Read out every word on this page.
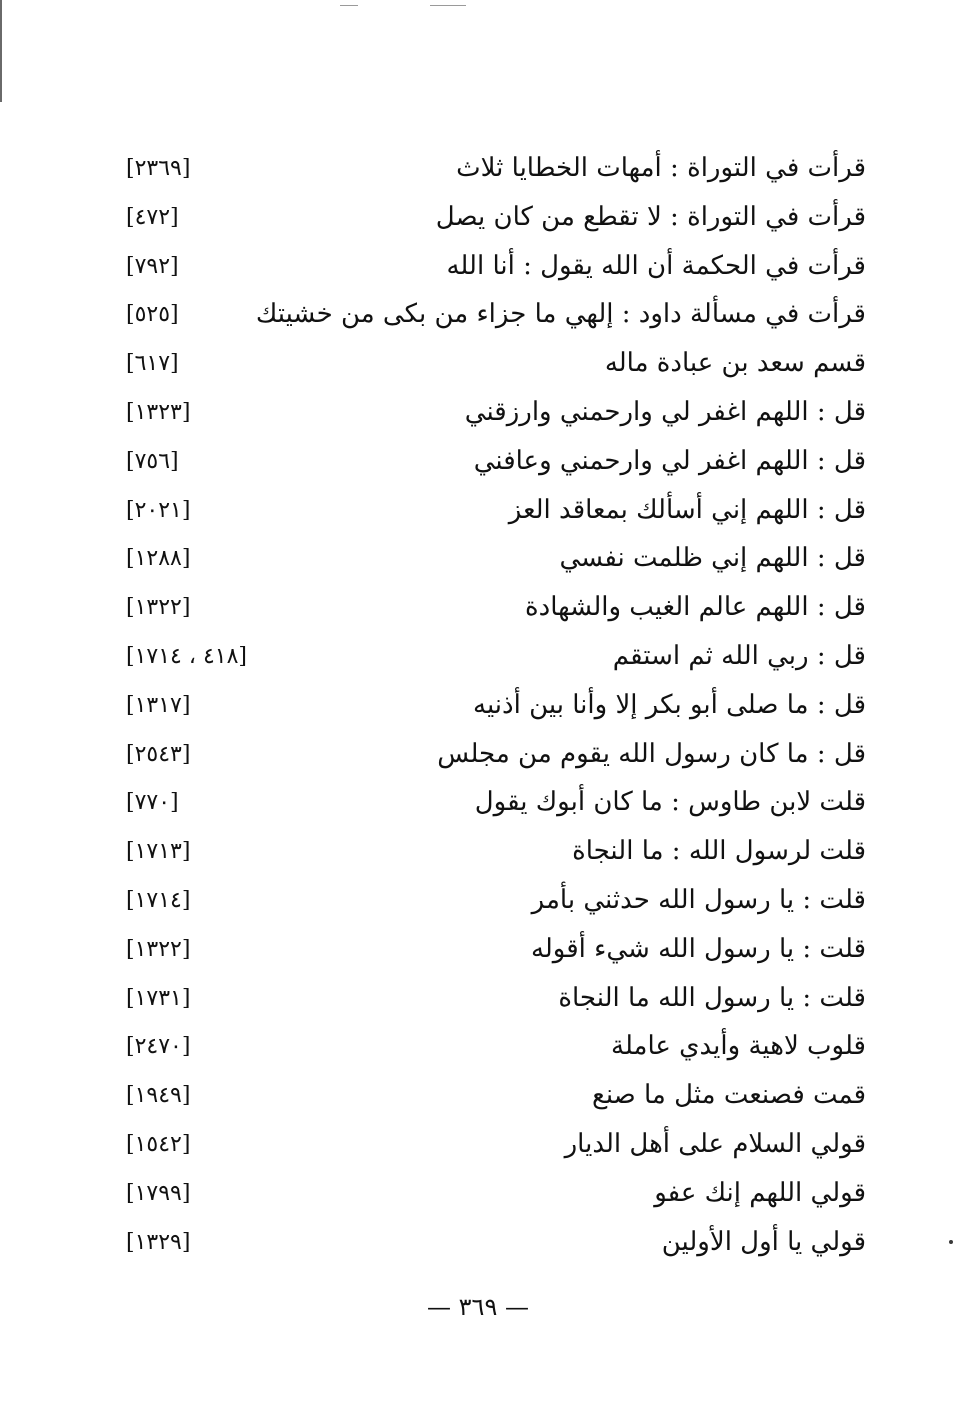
قرأت في التوراة : أمهات الخطايا ثلاث
[٢٣٦٩]
قرأت في التوراة : لا تقطع من كان يصل
[٤٧٢]
قرأت في الحكمة أن الله يقول : أنا الله
[٧٩٢]
قرأت في مسألة داود : إلهي ما جزاء من بكى من خشيتك
[٥٢٥]
قسم سعد بن عبادة ماله
[٦١٧]
قل : اللهم اغفر لي وارحمني وارزقني
[١٣٢٣]
قل : اللهم اغفر لي وارحمني وعافني
[٧٥٦]
قل : اللهم إني أسألك بمعاقد العز
[٢٠٢١]
قل : اللهم إني ظلمت نفسي
[١٢٨٨]
قل : اللهم عالم الغيب والشهادة
[١٣٢٢]
قل : ربي الله ثم استقم
[٤١٨ ، ١٧١٤]
قل : ما صلى أبو بكر إلا وأنا بين أذنيه
[١٣١٧]
قل : ما كان رسول الله يقوم من مجلس
[٢٥٤٣]
قلت لابن طاوس : ما كان أبوك يقول
[٧٧٠]
قلت لرسول الله : ما النجاة
[١٧١٣]
قلت : يا رسول الله حدثني بأمر
[١٧١٤]
قلت : يا رسول الله شيء أقوله
[١٣٢٢]
قلت : يا رسول الله ما النجاة
[١٧٣١]
قلوب لاهية وأيدي عاملة
[٢٤٧٠]
قمت فصنعت مثل ما صنع
[١٩٤٩]
قولي السلام على أهل الديار
[١٥٤٢]
قولي اللهم إنك عفو
[١٧٩٩]
قولي يا أول الأولين
[١٣٢٩]
— ٣٦٩ —
